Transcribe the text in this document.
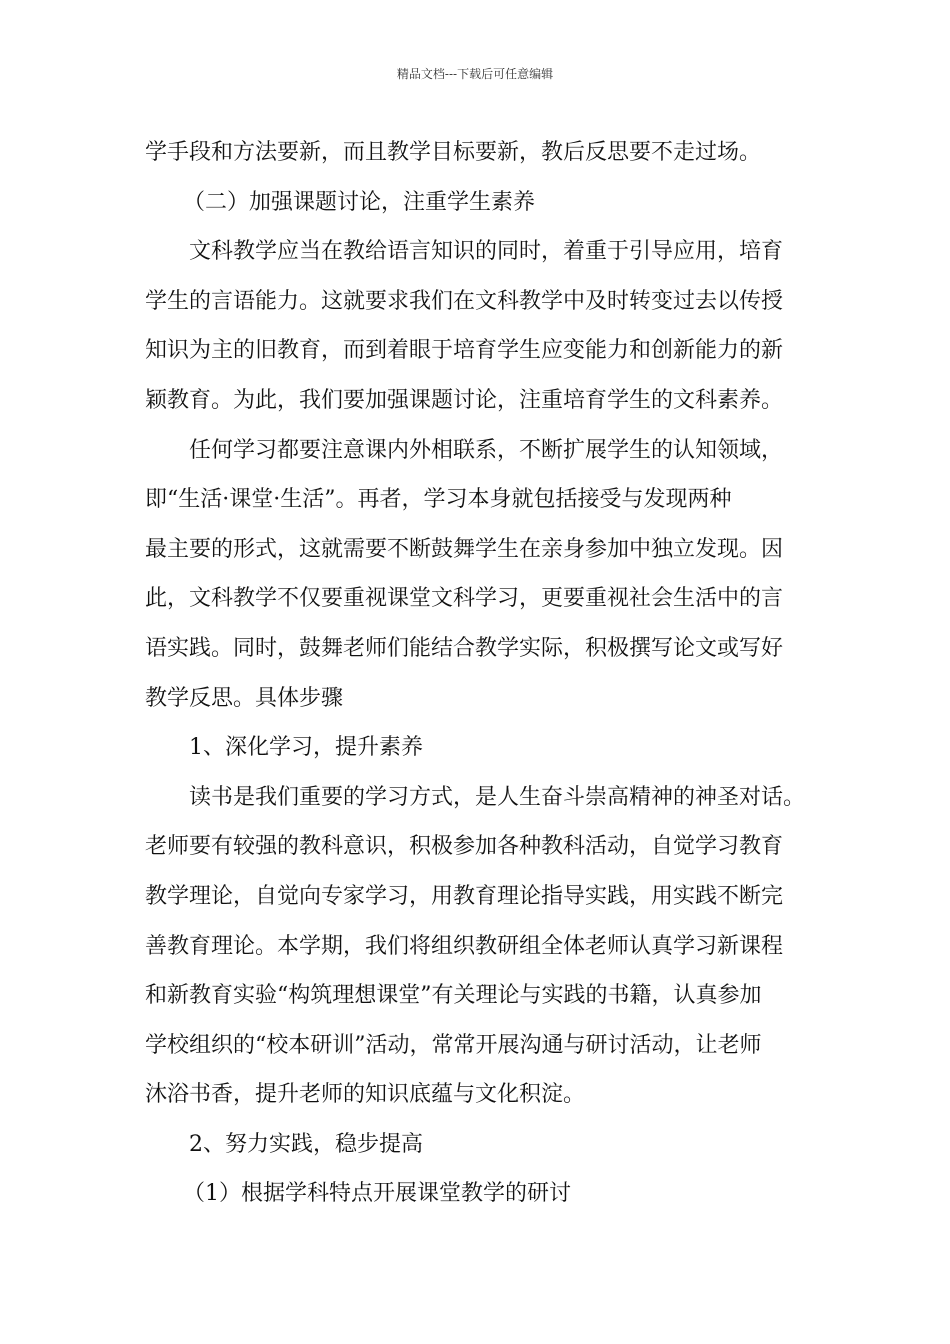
精品文档---下载后可任意编辑
学手段和方法要新，而且教学目标要新，教后反思要不走过场。
（二）加强课题讨论，注重学生素养
文科教学应当在教给语言知识的同时，着重于引导应用，培育
学生的言语能力。这就要求我们在文科教学中及时转变过去以传授
知识为主的旧教育，而到着眼于培育学生应变能力和创新能力的新
颖教育。为此，我们要加强课题讨论，注重培育学生的文科素养。
任何学习都要注意课内外相联系，不断扩展学生的认知领域，
即“生活·课堂·生活”。再者，学习本身就包括接受与发现两种
最主要的形式，这就需要不断鼓舞学生在亲身参加中独立发现。因
此，文科教学不仅要重视课堂文科学习，更要重视社会生活中的言
语实践。同时，鼓舞老师们能结合教学实际，积极撰写论文或写好
教学反思。具体步骤
1、深化学习，提升素养
读书是我们重要的学习方式，是人生奋斗崇高精神的神圣对话。
老师要有较强的教科意识，积极参加各种教科活动，自觉学习教育
教学理论，自觉向专家学习，用教育理论指导实践，用实践不断完
善教育理论。本学期，我们将组织教研组全体老师认真学习新课程
和新教育实验“构筑理想课堂”有关理论与实践的书籍，认真参加
学校组织的“校本研训”活动，常常开展沟通与研讨活动，让老师
沐浴书香，提升老师的知识底蕴与文化积淀。
2、努力实践，稳步提高
（1）根据学科特点开展课堂教学的研讨
